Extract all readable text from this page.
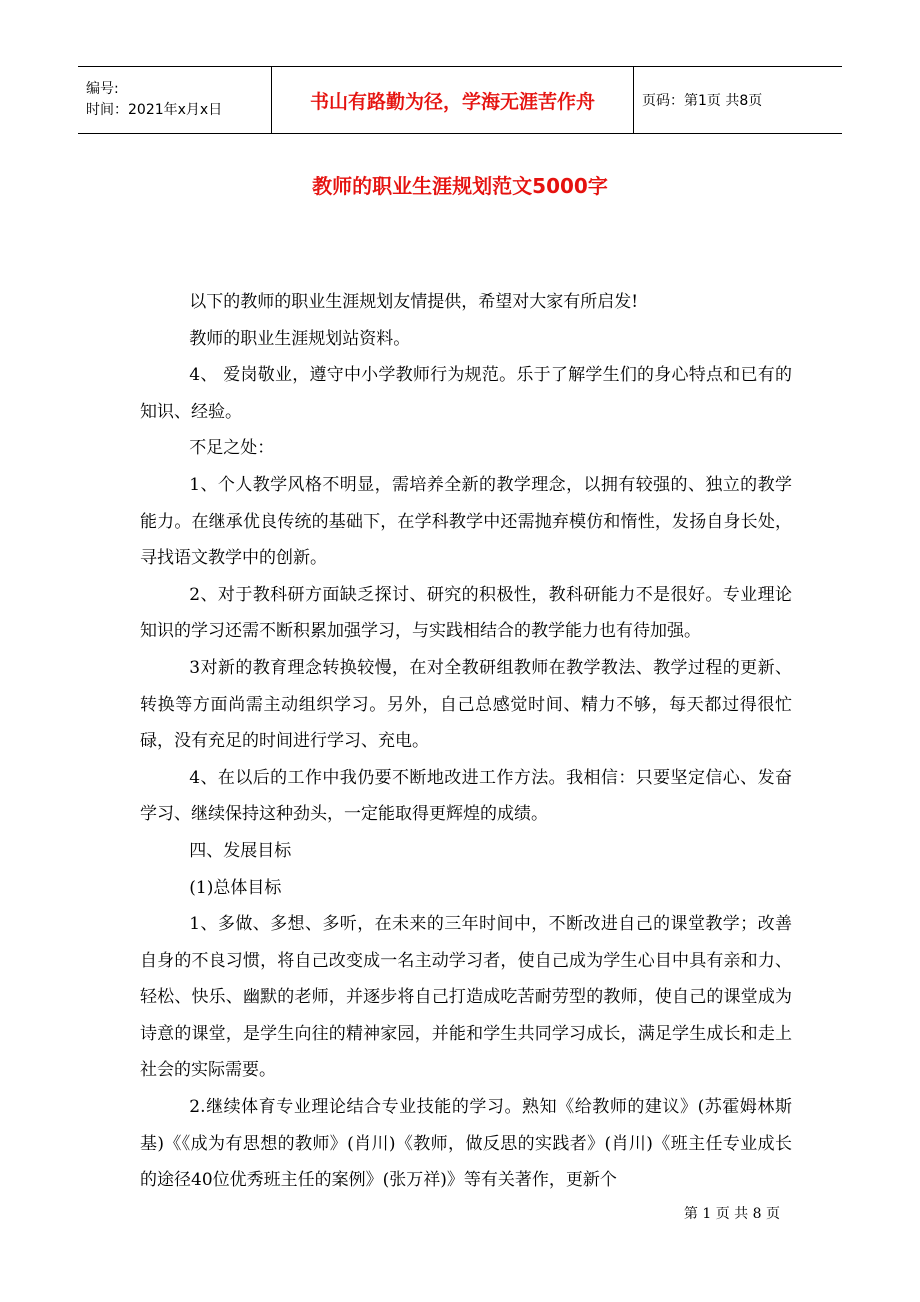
编号:
时间：2021年x月x日	书山有路勤为径，学海无涯苦作舟	页码：第1页 共8页
教师的职业生涯规划范文5000字

以下的教师的职业生涯规划友情提供，希望对大家有所启发!

教师的职业生涯规划站资料。

4、 爱岗敬业，遵守中小学教师行为规范。乐于了解学生们的身心特点和已有的知识、经验。

不足之处：

1、个人教学风格不明显，需培养全新的教学理念，以拥有较强的、独立的教学能力。在继承优良传统的基础下，在学科教学中还需抛弃模仿和惰性，发扬自身长处，寻找语文教学中的创新。

2、对于教科研方面缺乏探讨、研究的积极性，教科研能力不是很好。专业理论知识的学习还需不断积累加强学习，与实践相结合的教学能力也有待加强。

3对新的教育理念转换较慢，在对全教研组教师在教学教法、教学过程的更新、转换等方面尚需主动组织学习。另外，自己总感觉时间、精力不够，每天都过得很忙碌，没有充足的时间进行学习、充电。

4、在以后的工作中我仍要不断地改进工作方法。我相信：只要坚定信心、发奋学习、继续保持这种劲头，一定能取得更辉煌的成绩。

四、发展目标

(1)总体目标

1、多做、多想、多听，在未来的三年时间中，不断改进自己的课堂教学；改善自身的不良习惯，将自己改变成一名主动学习者，使自己成为学生心目中具有亲和力、轻松、快乐、幽默的老师，并逐步将自己打造成吃苦耐劳型的教师，使自己的课堂成为诗意的课堂，是学生向往的精神家园，并能和学生共同学习成长，满足学生成长和走上社会的实际需要。

2.继续体育专业理论结合专业技能的学习。熟知《给教师的建议》(苏霍姆林斯基)《《成为有思想的教师》(肖川)《教师，做反思的实践者》(肖川)《班主任专业成长的途径40位优秀班主任的案例》(张万祥)》等有关著作，更新个

第 1 页 共 8 页
